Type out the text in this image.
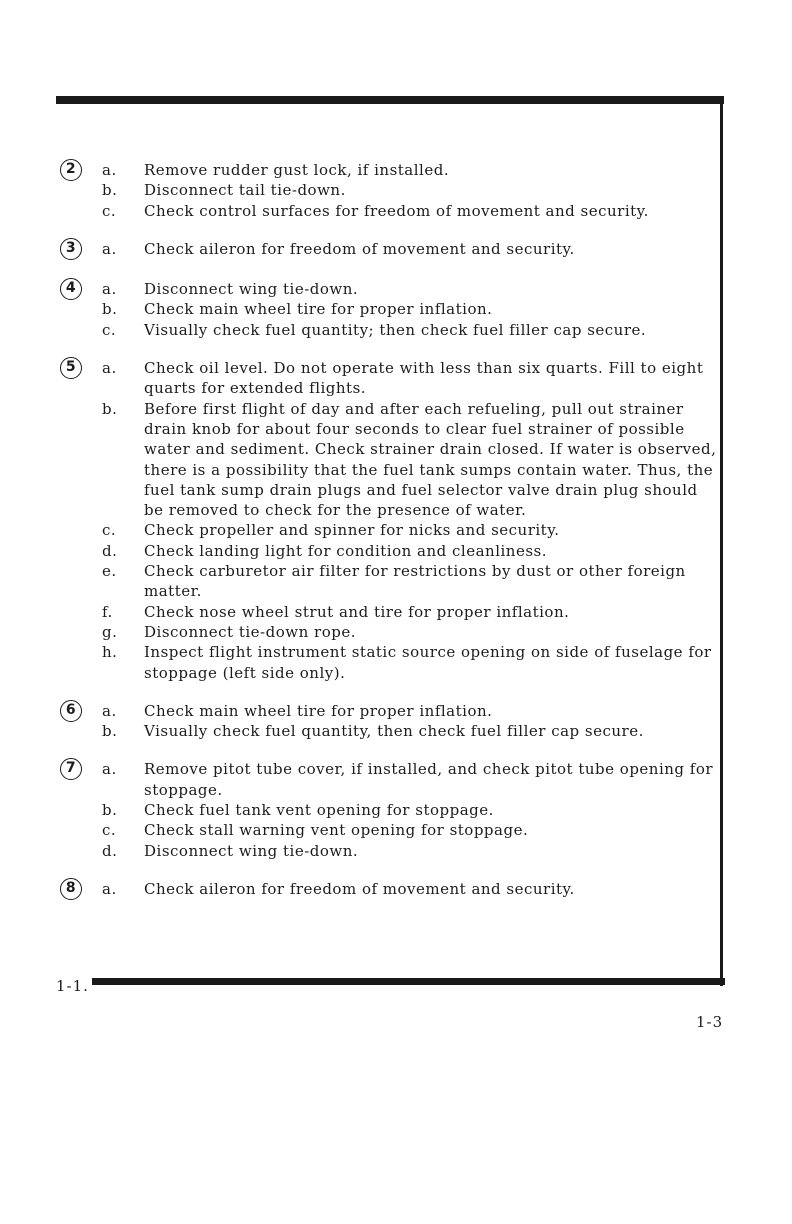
2	a.	Remove rudder gust lock, if installed.
b.	Disconnect tail tie-down.
c.	Check control surfaces for freedom of movement and security.
3	a.	Check aileron for freedom of movement and security.
4	a.	Disconnect wing tie-down.
b.	Check main wheel tire for proper inflation.
c.	Visually check fuel quantity; then check fuel filler cap secure.
5	a.	Check oil level. Do not operate with less than six quarts. Fill to eight quarts for extended flights.
b.	Before first flight of day and after each refueling, pull out strainer drain knob for about four seconds to clear fuel strainer of possible water and sediment. Check strainer drain closed. If water is observed, there is a possibility that the fuel tank sumps contain water. Thus, the fuel tank sump drain plugs and fuel selector valve drain plug should be removed to check for the presence of water.
c.	Check propeller and spinner for nicks and security.
d.	Check landing light for condition and cleanliness.
e.	Check carburetor air filter for restrictions by dust or other foreign matter.
f.	Check nose wheel strut and tire for proper inflation.
g.	Disconnect tie-down rope.
h.	Inspect flight instrument static source opening on side of fuselage for stoppage (left side only).
6	a.	Check main wheel tire for proper inflation.
b.	Visually check fuel quantity, then check fuel filler cap secure.
7	a.	Remove pitot tube cover, if installed, and check pitot tube opening for stoppage.
b.	Check fuel tank vent opening for stoppage.
c.	Check stall warning vent opening for stoppage.
d.	Disconnect wing tie-down.
8	a.	Check aileron for freedom of movement and security.
1-1.
1-3
